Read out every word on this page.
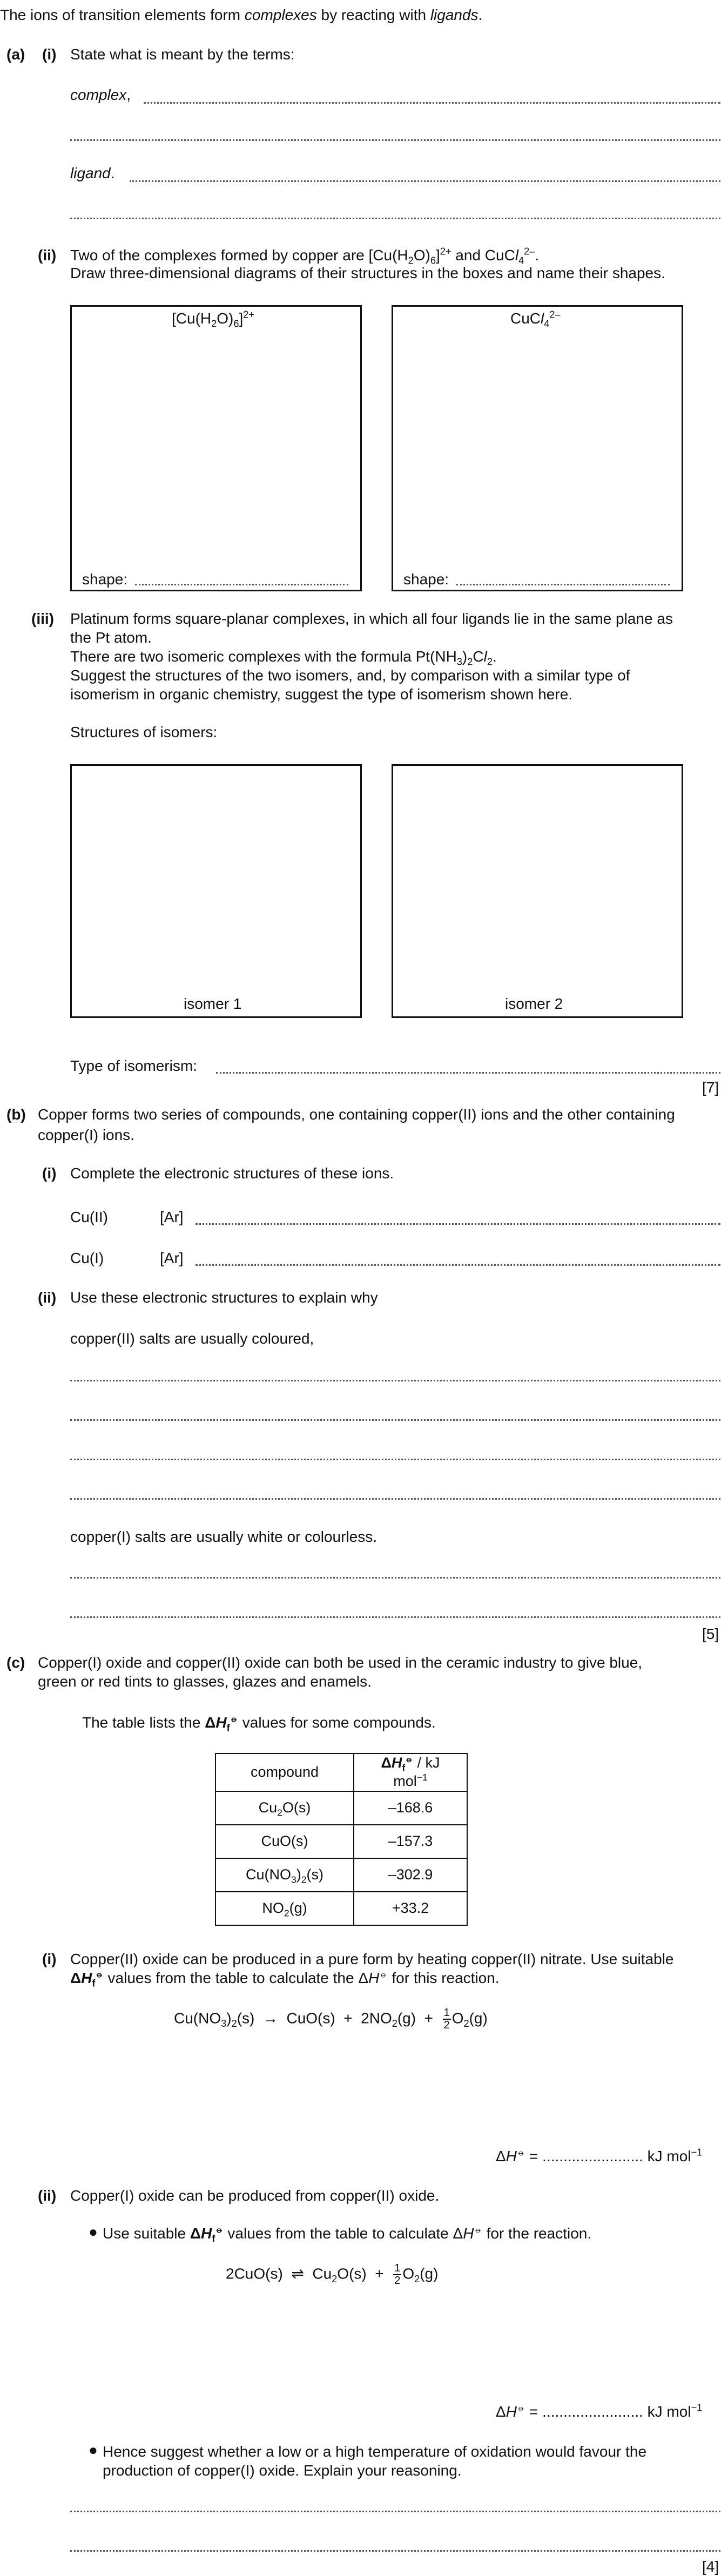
The ions of transition elements form complexes by reacting with ligands.
(a) (i) State what is meant by the terms:
complex,
ligand.
(ii) Two of the complexes formed by copper are $[Cu(H_2O)_6]^{2+}$ and CuCl$_4^{2-}$.
Draw three-dimensional diagrams of their structures in the boxes and name their shapes.
$[Cu(H_2O)_6]^{2+}$
shape:
CuCl$_4^{2-}$
shape:
(iii) Platinum forms square-planar complexes, in which all four ligands lie in the same plane as
the Pt atom.
There are two isomeric complexes with the formula $Pt(NH_3)_2Cl_2$.
Suggest the structures of the two isomers, and, by comparison with a similar type of
isomerism in organic chemistry, suggest the type of isomerism shown here.
Structures of isomers:
isomer 1	isomer 2
Type of isomerism:
[7]
(b) Copper forms two series of compounds, one containing copper(II) ions and the other containing
copper(I) ions.
(i) Complete the electronic structures of these ions.
Cu(II)	[Ar]
Cu(I)	[Ar]
(ii) Use these electronic structures to explain why
copper(II) salts are usually coloured,
copper(I) salts are usually white or colourless.
[5]
(c) Copper(I) oxide and copper(II) oxide can both be used in the ceramic industry to give blue,
green or red tints to glasses, glazes and enamels.
The table lists the $\Delta H_f^⦵$ values for some compounds.
compound	$\Delta H_f^⦵$ / kJ mol$^{-1}$
$Cu_2O(s)$	–168.6
CuO(s)	–157.3
$Cu(NO_3)_2(s)$	–302.9
$NO_2(g)$	+33.2
(i) Copper(II) oxide can be produced in a pure form by heating copper(II) nitrate. Use suitable
$\Delta H_f^⦵$ values from the table to calculate the ΔH⦵ for this reaction.
$Cu(NO_3)_2(s) \to CuO(s) + 2NO_2(g) + \frac{1}{2} O_2(g)$
ΔH⦵ = ........................ kJ mol$^{-1}$
(ii) Copper(I) oxide can be produced from copper(II) oxide.
● Use suitable $\Delta H_f^⦵$ values from the table to calculate ΔH⦵ for the reaction.
2CuO(s)  ⇌  $Cu_2O(s) + \frac{1}{2} O_2(g)$
ΔH⦵ = ........................ kJ mol$^{-1}$
● Hence suggest whether a low or a high temperature of oxidation would favour the
production of copper(I) oxide. Explain your reasoning.
[4]
